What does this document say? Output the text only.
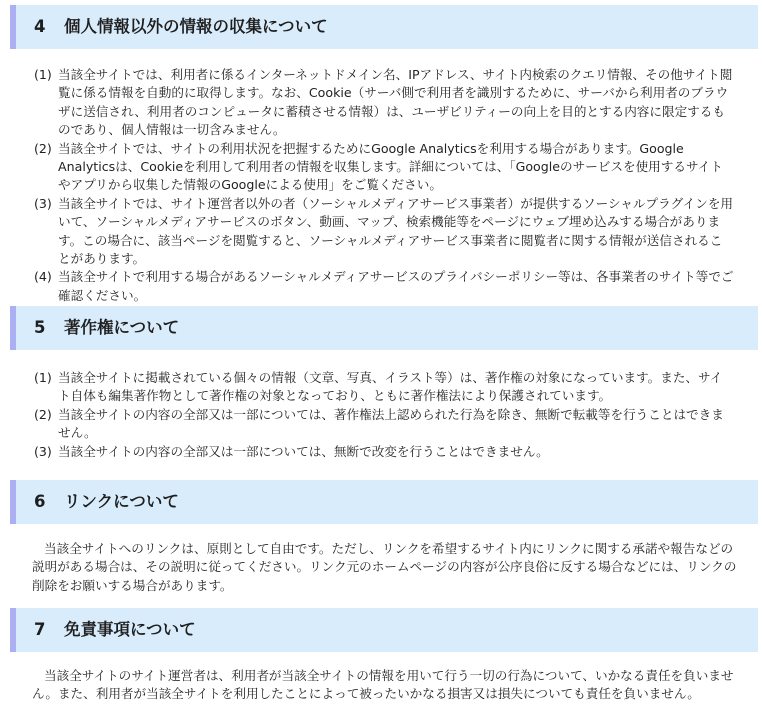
4 個人情報以外の情報の収集について
(1) 当該全サイトでは、利用者に係るインターネットドメイン名、IPアドレス、サイト内検索のクエリ情報、その他サイト閲覧に係る情報を自動的に取得します。なお、Cookie（サーバ側で利用者を識別するために、サーバから利用者のブラウザに送信され、利用者のコンピュータに蓄積させる情報）は、ユーザビリティーの向上を目的とする内容に限定するものであり、個人情報は一切含みません。
(2) 当該全サイトでは、サイトの利用状況を把握するためにGoogle Analyticsを利用する場合があります。Google Analyticsは、Cookieを利用して利用者の情報を収集します。詳細については、「Googleのサービスを使用するサイトやアプリから収集した情報のGoogleによる使用」をご覧ください。
(3) 当該全サイトでは、サイト運営者以外の者（ソーシャルメディアサービス事業者）が提供するソーシャルプラグインを用いて、ソーシャルメディアサービスのボタン、動画、マップ、検索機能等をページにウェブ埋め込みする場合があります。この場合に、該当ページを閲覧すると、ソーシャルメディアサービス事業者に閲覧者に関する情報が送信されることがあります。
(4) 当該全サイトで利用する場合があるソーシャルメディアサービスのプライバシーポリシー等は、各事業者のサイト等でご確認ください。
5 著作権について
(1) 当該全サイトに掲載されている個々の情報（文章、写真、イラスト等）は、著作権の対象になっています。また、サイト自体も編集著作物として著作権の対象となっており、ともに著作権法により保護されています。
(2) 当該全サイトの内容の全部又は一部については、著作権法上認められた行為を除き、無断で転載等を行うことはできません。
(3) 当該全サイトの内容の全部又は一部については、無断で改変を行うことはできません。
6 リンクについて

当該全サイトへのリンクは、原則として自由です。ただし、リンクを希望するサイト内にリンクに関する承諾や報告などの説明がある場合は、その説明に従ってください。リンク元のホームページの内容が公序良俗に反する場合などには、リンクの削除をお願いする場合があります。

7 免責事項について

当該全サイトのサイト運営者は、利用者が当該全サイトの情報を用いて行う一切の行為について、いかなる責任を負いません。また、利用者が当該全サイトを利用したことによって被ったいかなる損害又は損失についても責任を負いません。
